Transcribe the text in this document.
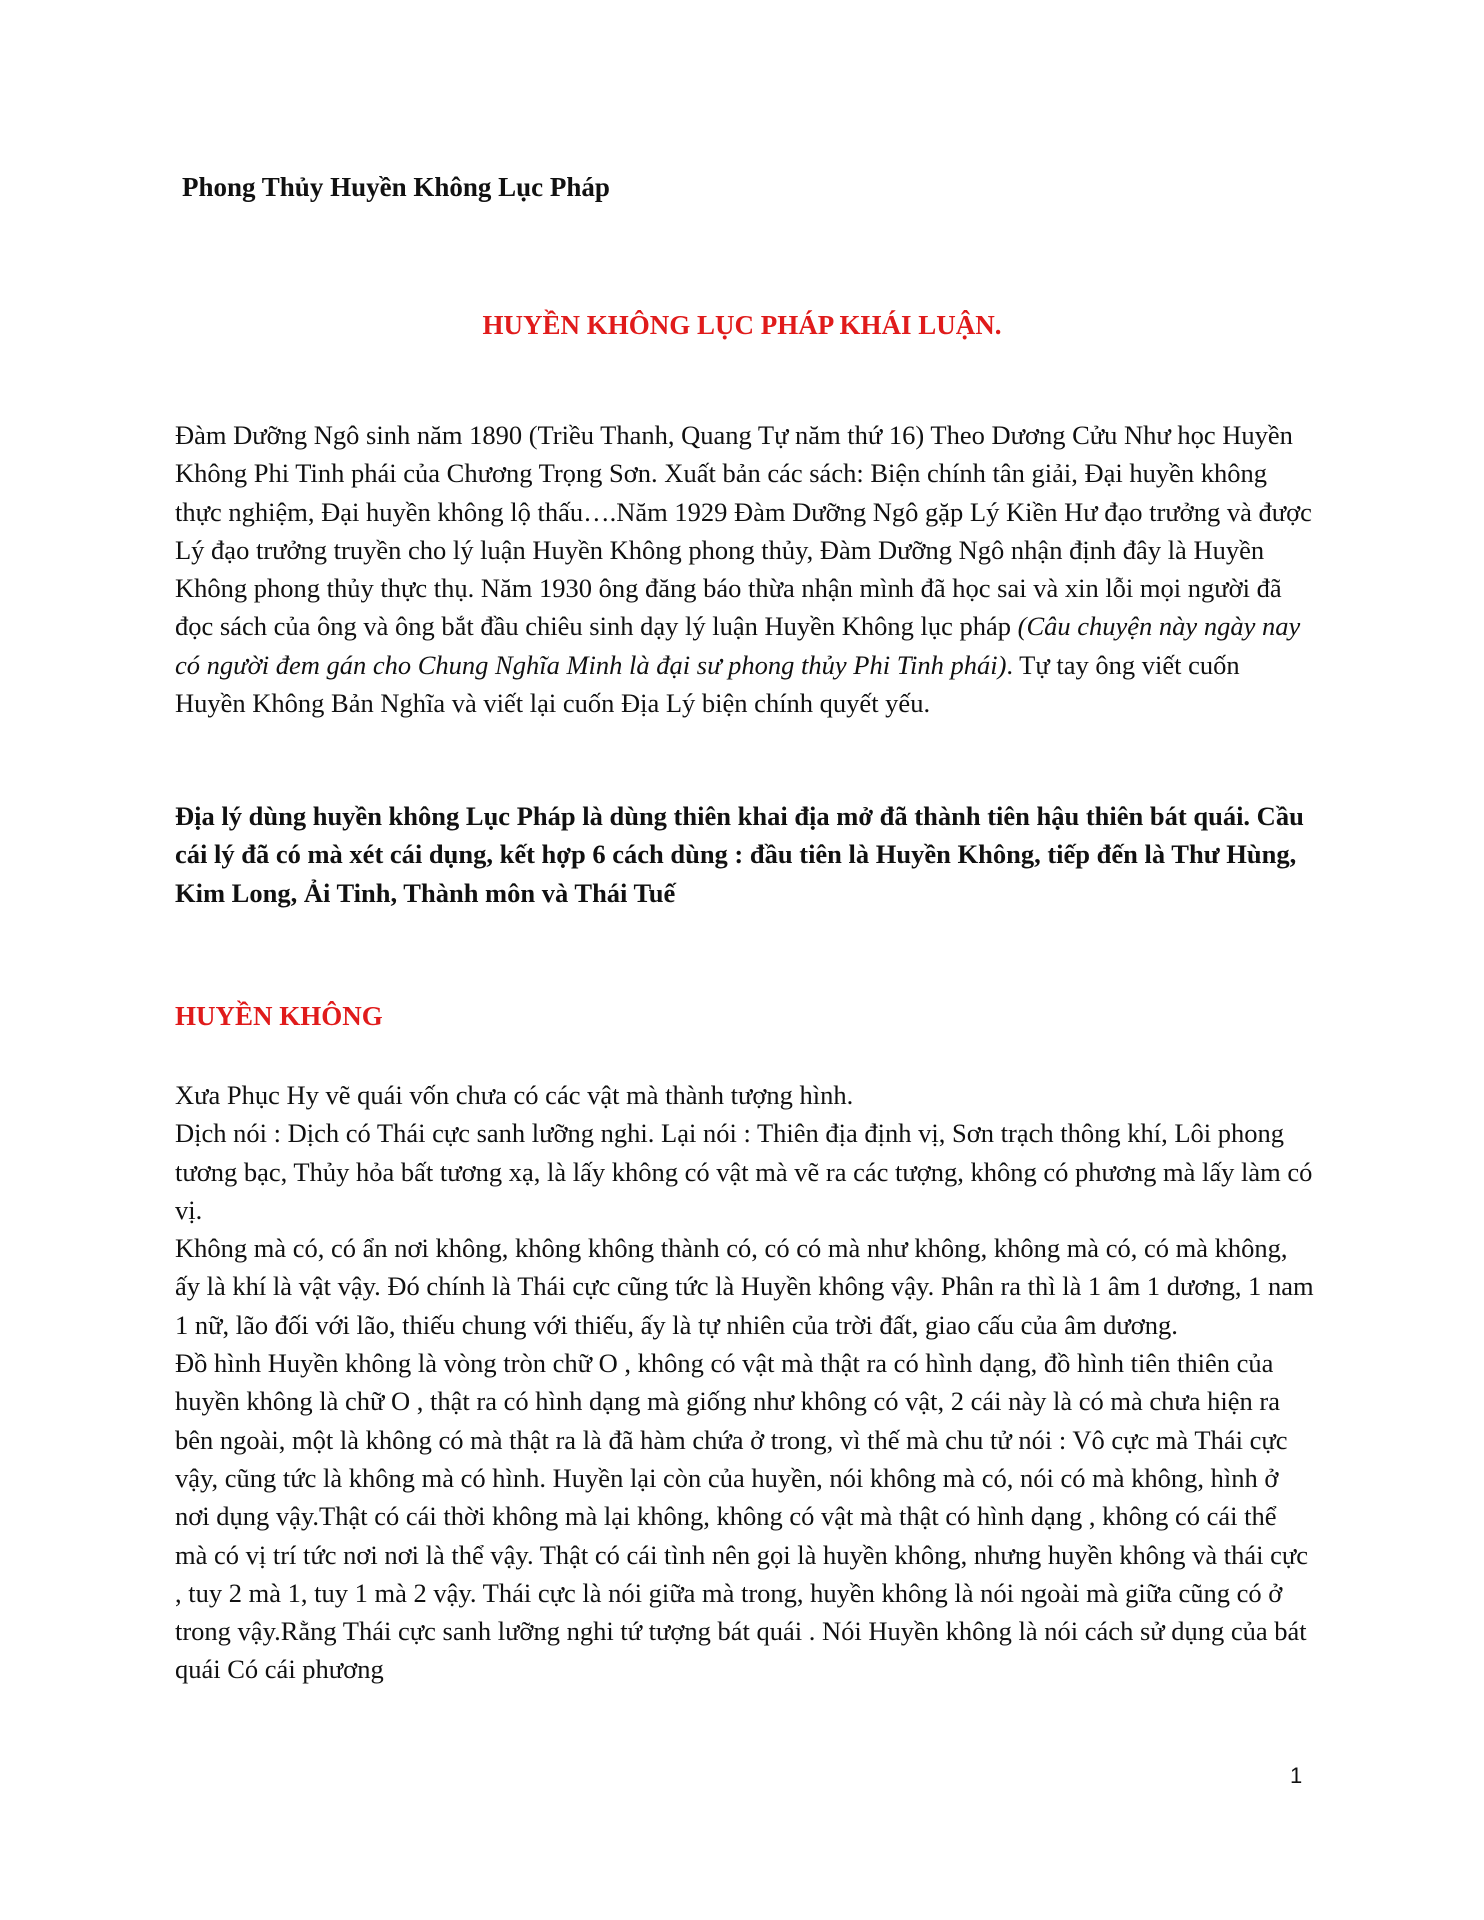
Phong Thủy Huyền Không Lục Pháp
HUYỀN KHÔNG LỤC PHÁP KHÁI LUẬN.

Đàm Dưỡng Ngô sinh năm 1890 (Triều Thanh, Quang Tự năm thứ 16) Theo Dương Cửu Như học Huyền Không Phi Tinh phái của Chương Trọng Sơn. Xuất bản các sách: Biện chính tân giải, Đại huyền không thực nghiệm, Đại huyền không lộ thấu….Năm 1929 Đàm Dưỡng Ngô gặp Lý Kiền Hư đạo trưởng và được Lý đạo trưởng truyền cho lý luận Huyền Không phong thủy, Đàm Dưỡng Ngô nhận định đây là Huyền Không phong thủy thực thụ. Năm 1930 ông đăng báo thừa nhận mình đã học sai và xin lỗi mọi người đã đọc sách của ông và ông bắt đầu chiêu sinh dạy lý luận Huyền Không lục pháp (Câu chuyện này ngày nay có người đem gán cho Chung Nghĩa Minh là đại sư phong thủy Phi Tinh phái). Tự tay ông viết cuốn Huyền Không Bản Nghĩa và viết lại cuốn Địa Lý biện chính quyết yếu.

Địa lý dùng huyền không Lục Pháp là dùng thiên khai địa mở đã thành tiên hậu thiên bát quái. Cầu cái lý đã có mà xét cái dụng, kết hợp 6 cách dùng : đầu tiên là Huyền Không, tiếp đến là Thư Hùng, Kim Long, Ải Tinh, Thành môn và Thái Tuế

HUYỀN KHÔNG

Xưa Phục Hy vẽ quái vốn chưa có các vật mà thành tượng hình.

Dịch nói : Dịch có Thái cực sanh lưỡng nghi. Lại nói : Thiên địa định vị, Sơn trạch thông khí, Lôi phong tương bạc, Thủy hỏa bất tương xạ, là lấy không có vật mà vẽ ra các tượng, không có phương mà lấy làm có vị.

Không mà có, có ẩn nơi không, không không thành có, có có mà như không, không mà có, có mà không, ấy là khí là vật vậy. Đó chính là Thái cực cũng tức là Huyền không vậy. Phân ra thì là 1 âm 1 dương, 1 nam 1 nữ, lão đối với lão, thiếu chung với thiếu, ấy là tự nhiên của trời đất, giao cấu của âm dương.

Đồ hình Huyền không là vòng tròn chữ O , không có vật mà thật ra có hình dạng, đồ hình tiên thiên của huyền không là chữ O , thật ra có hình dạng mà giống như không có vật, 2 cái này là có mà chưa hiện ra bên ngoài, một là không có mà thật ra là đã hàm chứa ở trong, vì thế mà chu tử nói : Vô cực mà Thái cực vậy, cũng tức là không mà có hình. Huyền lại còn của huyền, nói không mà có, nói có mà không, hình ở nơi dụng vậy.Thật có cái thời không mà lại không, không có vật mà thật có hình dạng , không có cái thể mà có vị trí tức nơi nơi là thể vậy. Thật có cái tình nên gọi là huyền không, nhưng huyền không và thái cực , tuy 2 mà 1, tuy 1 mà 2 vậy. Thái cực là nói giữa mà trong, huyền không là nói ngoài mà giữa cũng có ở trong vậy.Rằng Thái cực sanh lưỡng nghi tứ tượng bát quái . Nói Huyền không là nói cách sử dụng của bát quái Có cái phương

1
